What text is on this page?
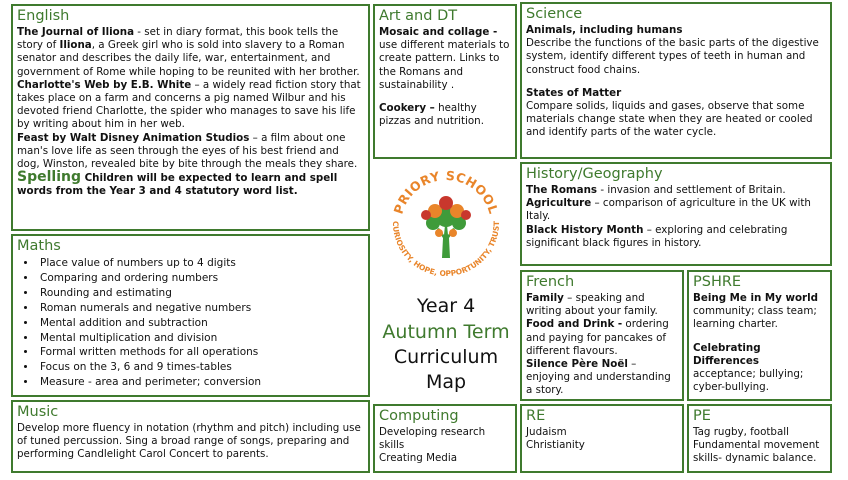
English

The Journal of Iliona - set in diary format, this book tells the story of Iliona, a Greek girl who is sold into slavery to a Roman senator and describes the daily life, war, entertainment, and government of Rome while hoping to be reunited with her brother.
Charlotte's Web by E.B. White – a widely read fiction story that takes place on a farm and concerns a pig named Wilbur and his devoted friend Charlotte, the spider who manages to save his life by writing about him in her web.
Feast by Walt Disney Animation Studios – a film about one man's love life as seen through the eyes of his best friend and dog, Winston, revealed bite by bite through the meals they share.
Spelling Children will be expected to learn and spell words from the Year 3 and 4 statutory word list.

Maths
• Place value of numbers up to 4 digits
• Comparing and ordering numbers
• Rounding and estimating
• Roman numerals and negative numbers
• Mental addition and subtraction
• Mental multiplication and division
• Formal written methods for all operations
• Focus on the 3, 6 and 9 times-tables
• Measure - area and perimeter; conversion
Music

Develop more fluency in notation (rhythm and pitch) including use of tuned percussion. Sing a broad range of songs, preparing and performing Candlelight Carol Concert to parents.

Art and DT

Mosaic and collage - use different materials to create pattern. Links to the Romans and sustainability .

Cookery – healthy pizzas and nutrition.

Science

Animals, including humans

Describe the functions of the basic parts of the digestive system, identify different types of teeth in human and construct food chains.

States of Matter

Compare solids, liquids and gases, observe that some materials change state when they are heated or cooled and identify parts of the water cycle.

History/Geography

The Romans - invasion and settlement of Britain.
Agriculture – comparison of agriculture in the UK with Italy.
Black History Month – exploring and celebrating significant black figures in history.

PRIORY SCHOOL
CURIOSITY, HOPE, OPPORTUNITY, TRUST
Year 4
Autumn Term
Curriculum
Map
French

Family – speaking and writing about your family.
Food and Drink - ordering and paying for pancakes of different flavours.
Silence Père Noël – enjoying and understanding a story.

PSHRE

Being Me in My world

community; class team; learning charter.

Celebrating Differences

acceptance; bullying; cyber-bullying.

Computing

Developing research skills

Creating Media

RE

Judaism

Christianity

PE

Tag rugby, football

Fundamental movement

skills- dynamic balance.
